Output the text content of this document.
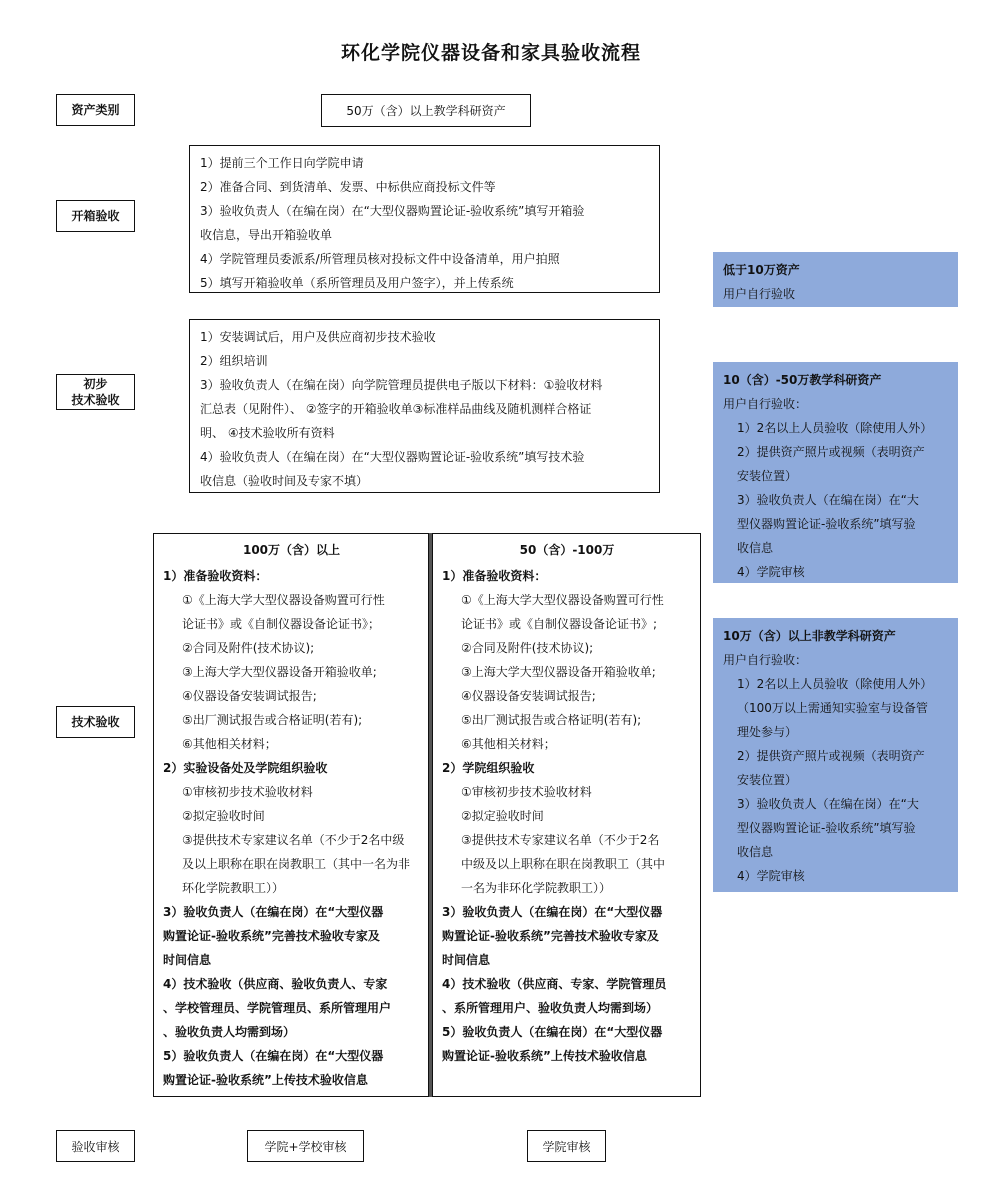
环化学院仪器设备和家具验收流程
资产类别
开箱验收
初步
技术验收
技术验收
验收审核
50万（含）以上教学科研资产
1）提前三个工作日向学院申请
2）准备合同、到货清单、发票、中标供应商投标文件等
3）验收负责人（在编在岗）在“大型仪器购置论证-验收系统”填写开箱验
收信息，导出开箱验收单
4）学院管理员委派系/所管理员核对投标文件中设备清单，用户拍照
5）填写开箱验收单（系所管理员及用户签字），并上传系统
1）安装调试后，用户及供应商初步技术验收
2）组织培训
3）验收负责人（在编在岗）向学院管理员提供电子版以下材料：①验收材料
汇总表（见附件）、 ②签字的开箱验收单③标准样品曲线及随机测样合格证
明、 ④技术验收所有资料
4）验收负责人（在编在岗）在“大型仪器购置论证-验收系统”填写技术验
收信息（验收时间及专家不填）
100万（含）以上
1）准备验收资料：
①《上海大学大型仪器设备购置可行性
论证书》或《自制仪器设备论证书》；
②合同及附件(技术协议);
③上海大学大型仪器设备开箱验收单;
④仪器设备安装调试报告;
⑤出厂测试报告或合格证明(若有);
⑥其他相关材料；
2）实验设备处及学院组织验收
①审核初步技术验收材料
②拟定验收时间
③提供技术专家建议名单（不少于2名中级
及以上职称在职在岗教职工（其中一名为非
环化学院教职工））
3）验收负责人（在编在岗）在“大型仪器
购置论证-验收系统”完善技术验收专家及
时间信息
4）技术验收（供应商、验收负责人、专家
、学校管理员、学院管理员、系所管理用户
、验收负责人均需到场）
5）验收负责人（在编在岗）在“大型仪器
购置论证-验收系统”上传技术验收信息
50（含）-100万
1）准备验收资料：
①《上海大学大型仪器设备购置可行性
论证书》或《自制仪器设备论证书》;
②合同及附件(技术协议);
③上海大学大型仪器设备开箱验收单;
④仪器设备安装调试报告;
⑤出厂测试报告或合格证明(若有);
⑥其他相关材料；
2）学院组织验收
①审核初步技术验收材料
②拟定验收时间
③提供技术专家建议名单（不少于2名
中级及以上职称在职在岗教职工（其中
一名为非环化学院教职工））
3）验收负责人（在编在岗）在“大型仪器
购置论证-验收系统”完善技术验收专家及
时间信息
4）技术验收（供应商、专家、学院管理员
、系所管理用户、验收负责人均需到场）
5）验收负责人（在编在岗）在“大型仪器
购置论证-验收系统”上传技术验收信息
低于10万资产
用户自行验收
10（含）-50万教学科研资产
用户自行验收：
1）2名以上人员验收（除使用人外）
2）提供资产照片或视频（表明资产
安装位置）
3）验收负责人（在编在岗）在“大
型仪器购置论证-验收系统”填写验
收信息
4）学院审核
10万（含）以上非教学科研资产
用户自行验收：
1）2名以上人员验收（除使用人外）
（100万以上需通知实验室与设备管
理处参与）
2）提供资产照片或视频（表明资产
安装位置）
3）验收负责人（在编在岗）在“大
型仪器购置论证-验收系统”填写验
收信息
4）学院审核
学院+学校审核	学院审核
